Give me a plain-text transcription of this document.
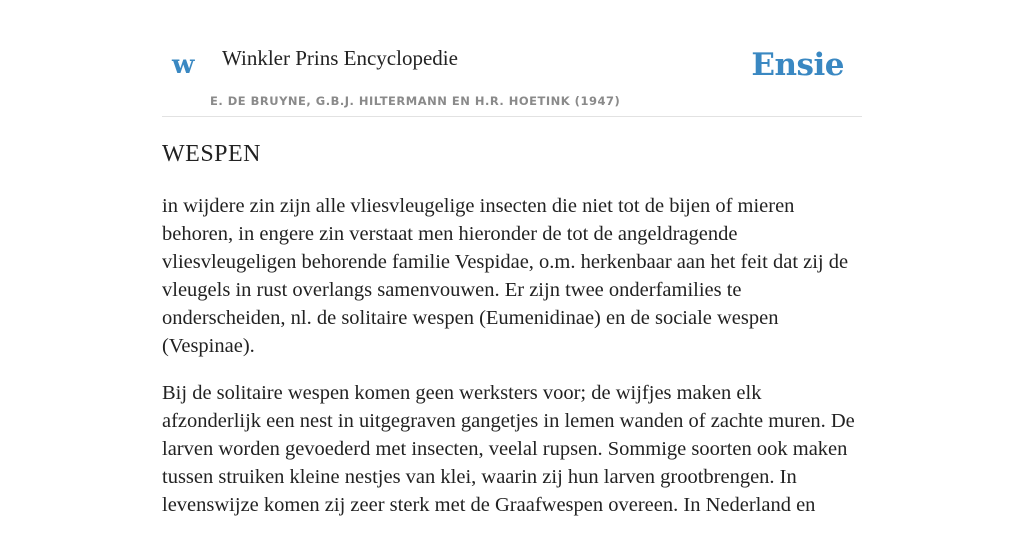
w Winkler Prins Encyclopedie
E. DE BRUYNE, G.B.J. HILTERMANN EN H.R. HOETINK (1947)
Ensie
WESPEN

in wijdere zin zijn alle vliesvleugelige insecten die niet tot de bijen of mieren behoren, in engere zin verstaat men hieronder de tot de angeldragende vliesvleugeligen behorende familie Vespidae, o.m. herkenbaar aan het feit dat zij de vleugels in rust overlangs samenvouwen. Er zijn twee onderfamilies te onderscheiden, nl. de solitaire wespen (Eumenidinae) en de sociale wespen (Vespinae).

Bij de solitaire wespen komen geen werksters voor; de wijfjes maken elk afzonderlijk een nest in uitgegraven gangetjes in lemen wanden of zachte muren. De larven worden gevoederd met insecten, veelal rupsen. Sommige soorten ook maken tussen struiken kleine nestjes van klei, waarin zij hun larven grootbrengen. In levenswijze komen zij zeer sterk met de Graafwespen overeen. In Nederland en
